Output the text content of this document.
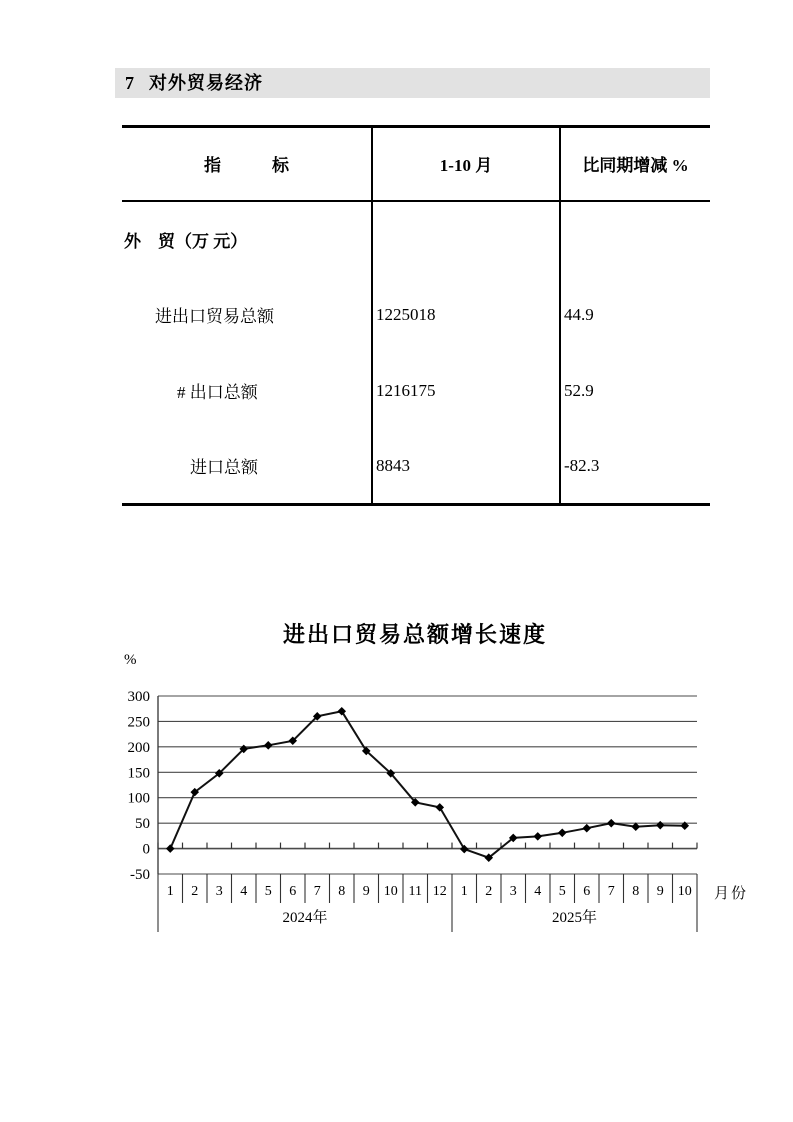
7 对外贸易经济
指　　　标	1-10 月	比同期增减 %
外　贸（万 元）		
进出口贸易总额	1225018	44.9
# 出口总额	1216175	52.9
进口总额	8843	-82.3
进出口贸易总额增长速度
%
月份
300
250
200
150
100
50
0
-50
1 2 3 4 5 6 7 8 9 10 11 12 1 2 3 4 5 6 7 8 9 10
2024年	2025年
